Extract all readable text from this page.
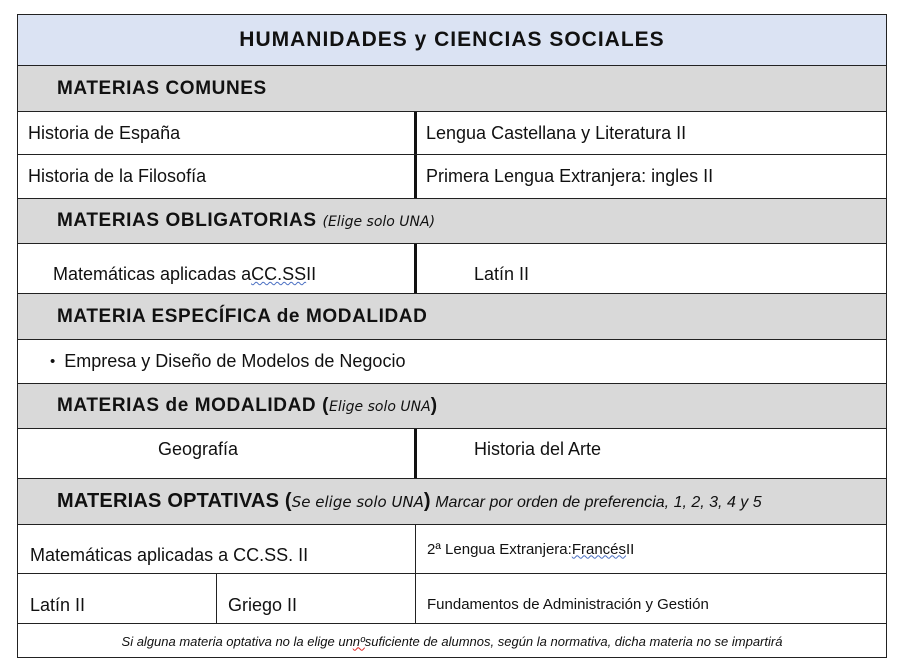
HUMANIDADES y CIENCIAS SOCIALES
MATERIAS COMUNES
Historia de España	Lengua Castellana y Literatura II
Historia de la Filosofía	Primera Lengua Extranjera: ingles II
MATERIAS OBLIGATORIAS (Elige solo UNA)
Matemáticas aplicadas a CC.SS II	Latín II
MATERIA ESPECÍFICA de MODALIDAD
• Empresa y Diseño de Modelos de Negocio
MATERIAS de MODALIDAD (Elige solo UNA)
Geografía	Historia del Arte
MATERIAS OPTATIVAS (Se elige solo UNA) Marcar por orden de preferencia, 1, 2, 3, 4 y 5
Matemáticas aplicadas a CC.SS. II	2ª Lengua Extranjera: Francés II
Latín II	Griego II	Fundamentos de Administración y Gestión
Si alguna materia optativa no la elige un nº suficiente de alumnos, según la normativa, dicha materia no se impartirá
